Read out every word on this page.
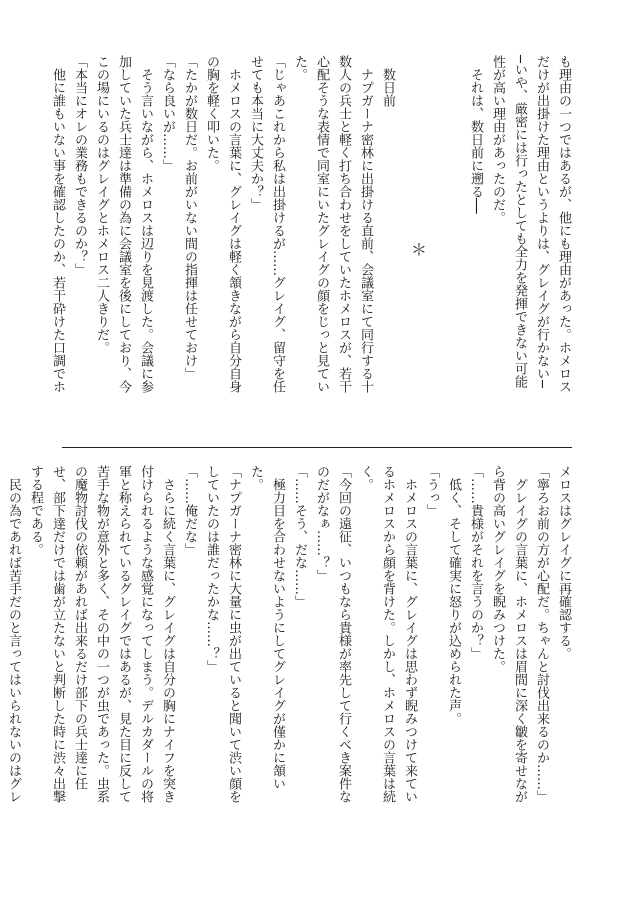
も理由の一つではあるが、他にも理由があった。ホメロス
だけが出掛けた理由というよりは、グレイグが行かない─
─いや、厳密には行ったとしても全力を発揮できない可能
性が高い理由があったのだ。
　それは、数日前に遡る──
　数日前
　ナプガーナ密林に出掛ける直前、会議室にて同行する十
数人の兵士と軽く打ち合わせをしていたホメロスが、若干
心配そうな表情で同室にいたグレイグの顔をじっと見てい
た。
「じゃあこれから私は出掛けるが……グレイグ、留守を任
せても本当に大丈夫か？」
　ホメロスの言葉に、グレイグは軽く頷きながら自分自身
の胸を軽く叩いた。
「たかが数日だ。お前がいない間の指揮は任せておけ」
「なら良いが……」
　そう言いながら、ホメロスは辺りを見渡した。会議に参
加していた兵士達は準備の為に会議室を後にしており、今
この場にいるのはグレイグとホメロス二人きりだ。
「本当にオレの業務もできるのか？」
　他に誰もいない事を確認したのか、若干砕けた口調でホ	＊
メロスはグレイグに再確認する。
「寧ろお前の方が心配だ。ちゃんと討伐出来るのか……」
　グレイグの言葉に、ホメロスは眉間に深く皺を寄せなが
ら背の高いグレイグを睨みつけた。
「……貴様がそれを言うのか？」
　低く、そして確実に怒りが込められた声。
「うっ」
　ホメロスの言葉に、グレイグは思わず睨みつけて来てい
るホメロスから顔を背けた。しかし、ホメロスの言葉は続
く。
「今回の遠征、いつもなら貴様が率先して行くべき案件な
のだがなぁ……？」
「……そう、だな……」
　極力目を合わせないようにしてグレイグが僅かに頷い
た。
「ナプガーナ密林に大量に虫が出ていると聞いて渋い顔を
していたのは誰だったかな……？」
「……俺だな」
　さらに続く言葉に、グレイグは自分の胸にナイフを突き
付けられるような感覚になってしまう。デルカダールの将
軍と称えられているグレイグではあるが、見た目に反して
苦手な物が意外と多く、その中の一つが虫であった。虫系
の魔物討伐の依頼があれば出来るだけ部下の兵士達に任
せ、部下達だけでは歯が立たないと判断した時に渋々出撃
する程である。
　民の為であれば苦手だのと言ってはいられないのはグレ
